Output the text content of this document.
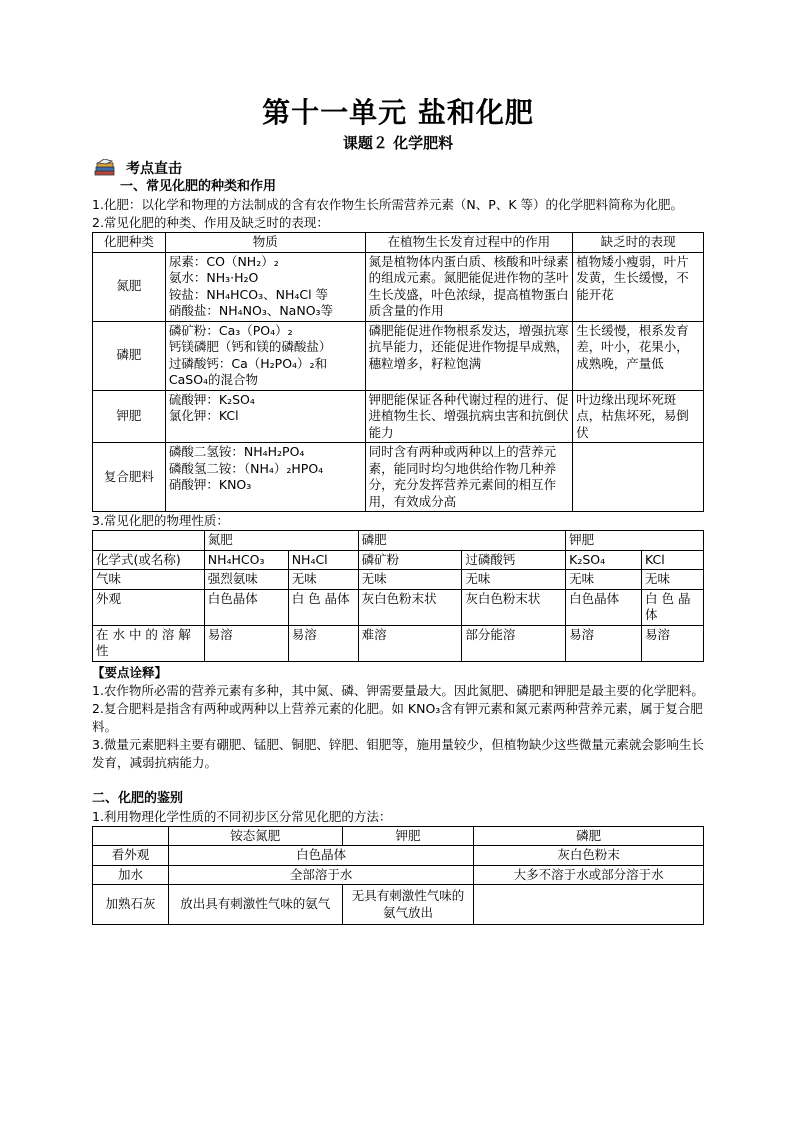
第十一单元 盐和化肥
课题２ 化学肥料
考点直击
一、常见化肥的种类和作用

1.化肥：以化学和物理的方法制成的含有农作物生长所需营养元素（N、P、K 等）的化学肥料简称为化肥。

2.常见化肥的种类、作用及缺乏时的表现：

化肥种类	物质	在植物生长发育过程中的作用	缺乏时的表现
氮肥	尿素：CO（NH₂）₂
氨水：NH₃·H₂O
铵盐：NH₄HCO₃、NH₄Cl 等
硝酸盐：NH₄NO₃、NaNO₃等	氮是植物体内蛋白质、核酸和叶绿素的组成元素。氮肥能促进作物的茎叶生长茂盛，叶色浓绿，提高植物蛋白质含量的作用	植物矮小瘦弱，叶片发黄，生长缓慢，不能开花
磷肥	磷矿粉：Ca₃（PO₄）₂
钙镁磷肥（钙和镁的磷酸盐）
过磷酸钙：Ca（H₂PO₄）₂和CaSO₄的混合物	磷肥能促进作物根系发达，增强抗寒抗旱能力，还能促进作物提早成熟，穗粒增多，籽粒饱满	生长缓慢，根系发育差，叶小，花果小，成熟晚，产量低
钾肥	硫酸钾：K₂SO₄
氯化钾：KCl	钾肥能保证各种代谢过程的进行、促进植物生长、增强抗病虫害和抗倒伏能力	叶边缘出现坏死斑点，枯焦坏死，易倒伏
复合肥料	磷酸二氢铵：NH₄H₂PO₄
磷酸氢二铵：（NH₄）₂HPO₄
硝酸钾：KNO₃	同时含有两种或两种以上的营养元素，能同时均匀地供给作物几种养分，充分发挥营养元素间的相互作用，有效成分高	

3.常见化肥的物理性质：

	氮肥		磷肥		钾肥	
化学式(或名称)	NH₄HCO₃	NH₄Cl	磷矿粉	过磷酸钙	K₂SO₄	KCl
气味	强烈氨味	无味	无味	无味	无味	无味
外观	白色晶体	白 色 晶体	灰白色粉末状	灰白色粉末状	白色晶体	白 色 晶体
在 水 中 的 溶 解性	易溶	易溶	难溶	部分能溶	易溶	易溶
【要点诠释】

1.农作物所必需的营养元素有多种，其中氮、磷、钾需要量最大。因此氮肥、磷肥和钾肥是最主要的化学肥料。

2.复合肥料是指含有两种或两种以上营养元素的化肥。如 KNO₃含有钾元素和氮元素两种营养元素，属于复合肥料。

3.微量元素肥料主要有硼肥、锰肥、铜肥、锌肥、钼肥等，施用量较少，但植物缺少这些微量元素就会影响生长发育，减弱抗病能力。

二、化肥的鉴别

1.利用物理化学性质的不同初步区分常见化肥的方法：

	铵态氮肥	钾肥	磷肥
看外观	白色晶体		灰白色粉末
加水	全部溶于水		大多不溶于水或部分溶于水
加熟石灰	放出具有刺激性气味的氨气	无具有刺激性气味的氨气放出	
